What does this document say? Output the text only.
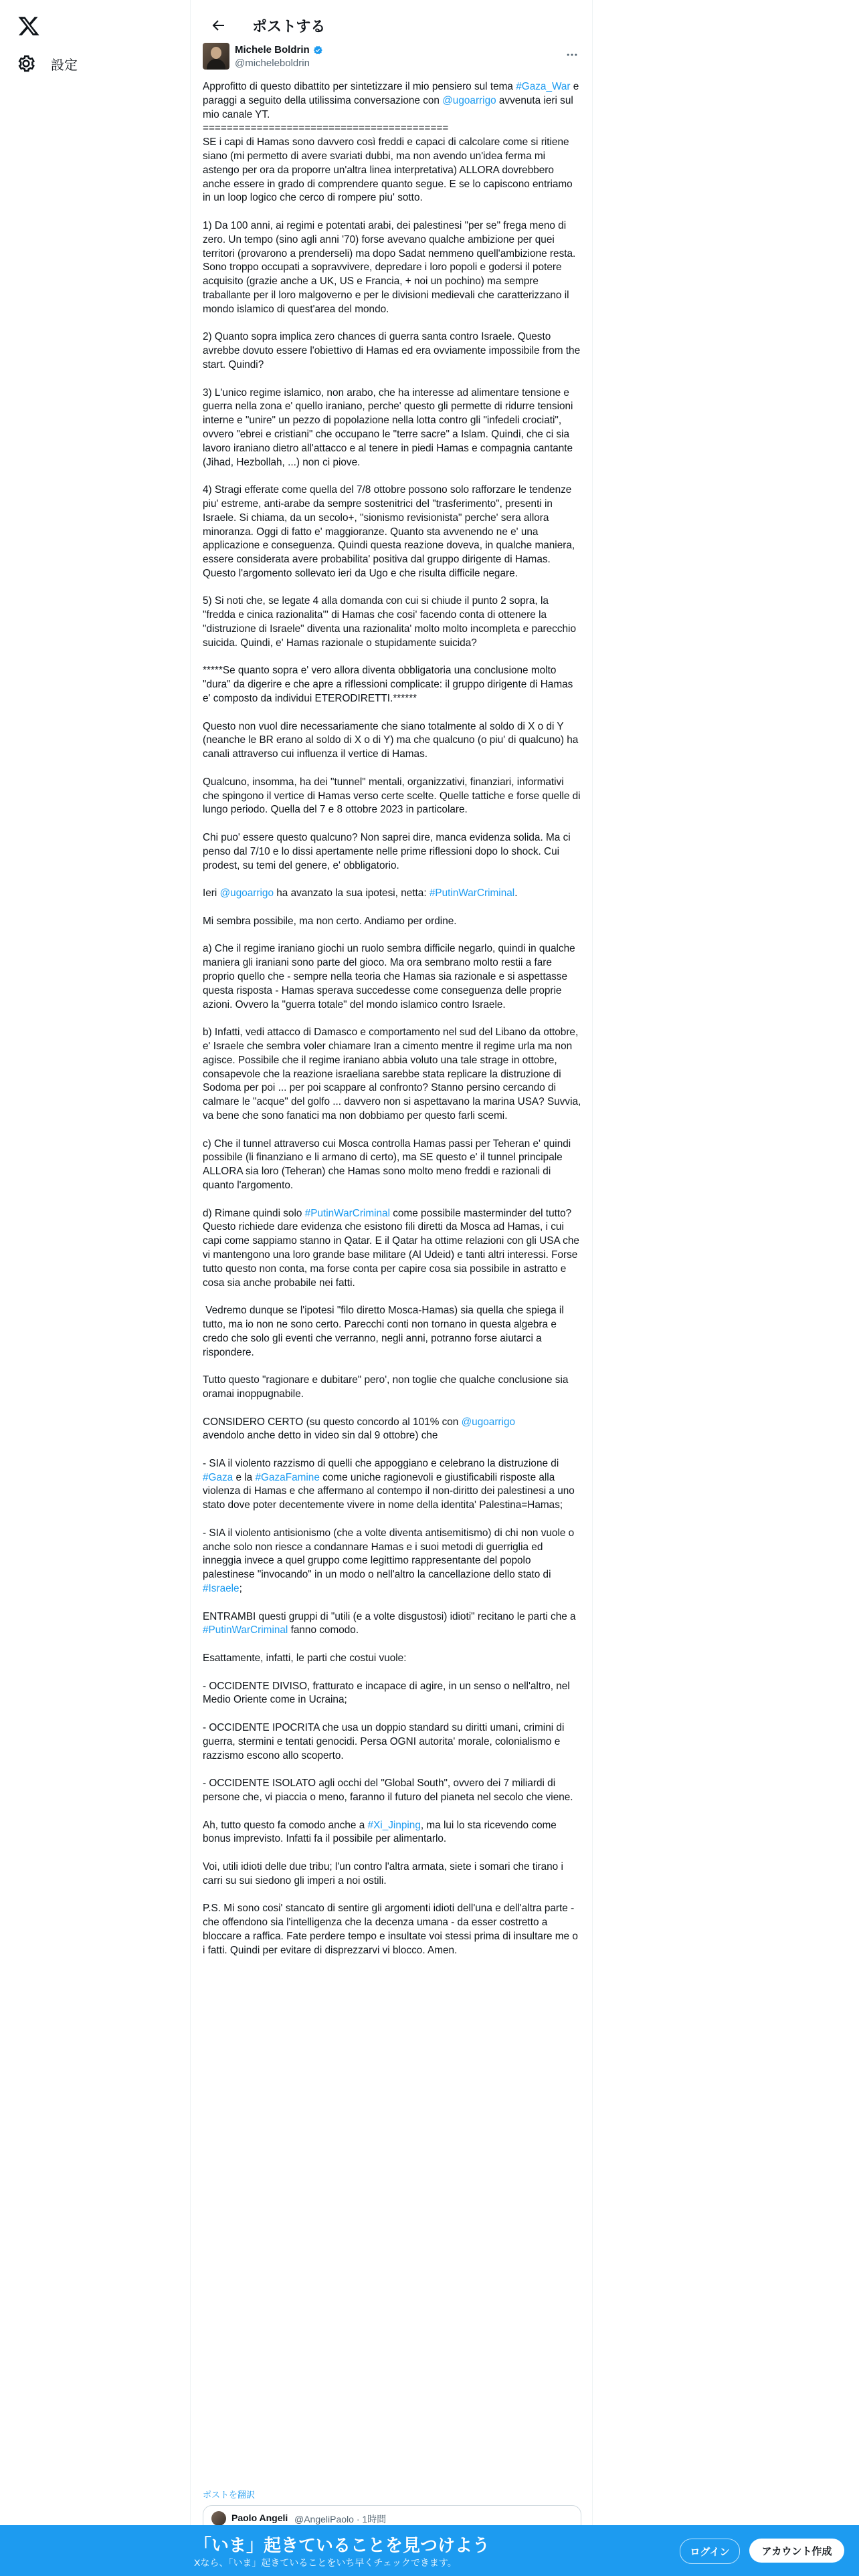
設定
ポストする
Michele Boldrin
@micheleboldrin
Approfitto di questo dibattito per sintetizzare il mio pensiero sul tema #Gaza_War e paraggi a seguito della utilissima conversazione con @ugoarrigo avvenuta ieri sul mio canale YT.
=========================================
SE i capi di Hamas sono davvero così freddi e capaci di calcolare come si ritiene siano (mi permetto di avere svariati dubbi, ma non avendo un'idea ferma mi astengo per ora da proporre un'altra linea interpretativa) ALLORA dovrebbero anche essere in grado di comprendere quanto segue. E se lo capiscono entriamo in un loop logico che cerco di rompere piu' sotto.

1) Da 100 anni, ai regimi e potentati arabi, dei palestinesi "per se" frega meno di zero. Un tempo (sino agli anni '70) forse avevano qualche ambizione per quei territori (provarono a prenderseli) ma dopo Sadat nemmeno quell'ambizione resta. Sono troppo occupati a sopravvivere, depredare i loro popoli e godersi il potere acquisito (grazie anche a UK, US e Francia, + noi un pochino) ma sempre traballante per il loro malgoverno e per le divisioni medievali che caratterizzano il mondo islamico di quest'area del mondo.

2) Quanto sopra implica zero chances di guerra santa contro Israele. Questo avrebbe dovuto essere l'obiettivo di Hamas ed era ovviamente impossibile from the start. Quindi?

3) L'unico regime islamico, non arabo, che ha interesse ad alimentare tensione e guerra nella zona e' quello iraniano, perche' questo gli permette di ridurre tensioni interne e "unire" un pezzo di popolazione nella lotta contro gli "infedeli crociati", ovvero "ebrei e cristiani" che occupano le "terre sacre" a Islam. Quindi, che ci sia lavoro iraniano dietro all'attacco e al tenere in piedi Hamas e compagnia cantante (Jihad, Hezbollah, ...) non ci piove.

4) Stragi efferate come quella del 7/8 ottobre possono solo rafforzare le tendenze piu' estreme, anti-arabe da sempre sostenitrici del "trasferimento", presenti in Israele. Si chiama, da un secolo+, "sionismo revisionista" perche' sera allora minoranza. Oggi di fatto e' maggioranze. Quanto sta avvenendo ne e' una applicazione e conseguenza. Quindi questa reazione doveva, in qualche maniera, essere considerata avere probabilita' positiva dal gruppo dirigente di Hamas. Questo l'argomento sollevato ieri da Ugo e che risulta difficile negare.

5) Si noti che, se legate 4 alla domanda con cui si chiude il punto 2 sopra, la "fredda e cinica razionalita'" di Hamas che cosi' facendo conta di ottenere la "distruzione di Israele" diventa una razionalita' molto molto incompleta e parecchio suicida. Quindi, e' Hamas razionale o stupidamente suicida?

*****Se quanto sopra e' vero allora diventa obbligatoria una conclusione molto "dura" da digerire e che apre a riflessioni complicate: il gruppo dirigente di Hamas e' composto da individui ETERODIRETTI.******

Questo non vuol dire necessariamente che siano totalmente al soldo di X o di Y (neanche le BR erano al soldo di X o di Y) ma che qualcuno (o piu' di qualcuno) ha canali attraverso cui influenza il vertice di Hamas.

Qualcuno, insomma, ha dei "tunnel" mentali, organizzativi, finanziari, informativi che spingono il vertice di Hamas verso certe scelte. Quelle tattiche e forse quelle di lungo periodo. Quella del 7 e 8 ottobre 2023 in particolare.

Chi puo' essere questo qualcuno? Non saprei dire, manca evidenza solida. Ma ci penso dal 7/10 e lo dissi apertamente nelle prime riflessioni dopo lo shock. Cui prodest, su temi del genere, e' obbligatorio.

Ieri @ugoarrigo ha avanzato la sua ipotesi, netta: #PutinWarCriminal.

Mi sembra possibile, ma non certo. Andiamo per ordine.

a) Che il regime iraniano giochi un ruolo sembra difficile negarlo, quindi in qualche maniera gli iraniani sono parte del gioco. Ma ora sembrano molto restii a fare proprio quello che - sempre nella teoria che Hamas sia razionale e si aspettasse questa risposta - Hamas sperava succedesse come conseguenza delle proprie azioni. Ovvero la "guerra totale" del mondo islamico contro Israele.

b) Infatti, vedi attacco di Damasco e comportamento nel sud del Libano da ottobre, e' Israele che sembra voler chiamare Iran a cimento mentre il regime urla ma non agisce. Possibile che il regime iraniano abbia voluto una tale strage in ottobre, consapevole che la reazione israeliana sarebbe stata replicare la distruzione di Sodoma per poi ... per poi scappare al confronto? Stanno persino cercando di calmare le "acque" del golfo ... davvero non si aspettavano la marina USA? Suvvia, va bene che sono fanatici ma non dobbiamo per questo farli scemi.

c) Che il tunnel attraverso cui Mosca controlla Hamas passi per Teheran e' quindi possibile (li finanziano e li armano di certo), ma SE questo e' il tunnel principale ALLORA sia loro (Teheran) che Hamas sono molto meno freddi e razionali di quanto l'argomento.

d) Rimane quindi solo #PutinWarCriminal come possibile masterminder del tutto? Questo richiede dare evidenza che esistono fili diretti da Mosca ad Hamas, i cui capi come sappiamo stanno in Qatar. E il Qatar ha ottime relazioni con gli USA che vi mantengono una loro grande base militare (Al Udeid) e tanti altri interessi. Forse tutto questo non conta, ma forse conta per capire cosa sia possibile in astratto e cosa sia anche probabile nei fatti.

Vedremo dunque se l'ipotesi "filo diretto Mosca-Hamas) sia quella che spiega il tutto, ma io non ne sono certo. Parecchi conti non tornano in questa algebra e credo che solo gli eventi che verranno, negli anni, potranno forse aiutarci a rispondere.

Tutto questo "ragionare e dubitare" pero', non toglie che qualche conclusione sia oramai inoppugnabile.

CONSIDERO CERTO (su questo concordo al 101% con @ugoarrigo
avendolo anche detto in video sin dal 9 ottobre) che

- SIA il violento razzismo di quelli che appoggiano e celebrano la distruzione di #Gaza e la #GazaFamine come uniche ragionevoli e giustificabili risposte alla violenza di Hamas e che affermano al contempo il non-diritto dei palestinesi a uno stato dove poter decentemente vivere in nome della identita' Palestina=Hamas;

- SIA il violento antisionismo (che a volte diventa antisemitismo) di chi non vuole o anche solo non riesce a condannare Hamas e i suoi metodi di guerriglia ed inneggia invece a quel gruppo come legittimo rappresentante del popolo palestinese "invocando" in un modo o nell'altro la cancellazione dello stato di #Israele;

ENTRAMBI questi gruppi di "utili (e a volte disgustosi) idioti" recitano le parti che a #PutinWarCriminal fanno comodo.

Esattamente, infatti, le parti che costui vuole:

- OCCIDENTE DIVISO, fratturato e incapace di agire, in un senso o nell'altro, nel Medio Oriente come in Ucraina;

- OCCIDENTE IPOCRITA che usa un doppio standard su diritti umani, crimini di guerra, stermini e tentati genocidi. Persa OGNI autorita' morale, colonialismo e razzismo escono allo scoperto.

- OCCIDENTE ISOLATO agli occhi del "Global South", ovvero dei 7 miliardi di persone che, vi piaccia o meno, faranno il futuro del pianeta nel secolo che viene.

Ah, tutto questo fa comodo anche a #Xi_Jinping, ma lui lo sta ricevendo come bonus imprevisto. Infatti fa il possibile per alimentarlo.

Voi, utili idioti delle due tribu; l'un contro l'altra armata, siete i somari che tirano i carri su sui siedono gli imperi a noi ostili.

P.S. Mi sono cosi' stancato di sentire gli argomenti idioti dell'una e dell'altra parte - che offendono sia l'intelligenza che la decenza umana - da esser costretto a bloccare a raffica. Fate perdere tempo e insultate voi stessi prima di insultare me o i fatti. Quindi per evitare di disprezzarvi vi blocco. Amen.
ポストを翻訳
Paolo Angeli @AngeliPaolo · 1時間
「いま」起きていることを見つけよう
Xなら、「いま」起きていることをいち早くチェックできます。
ログイン	アカウント作成
